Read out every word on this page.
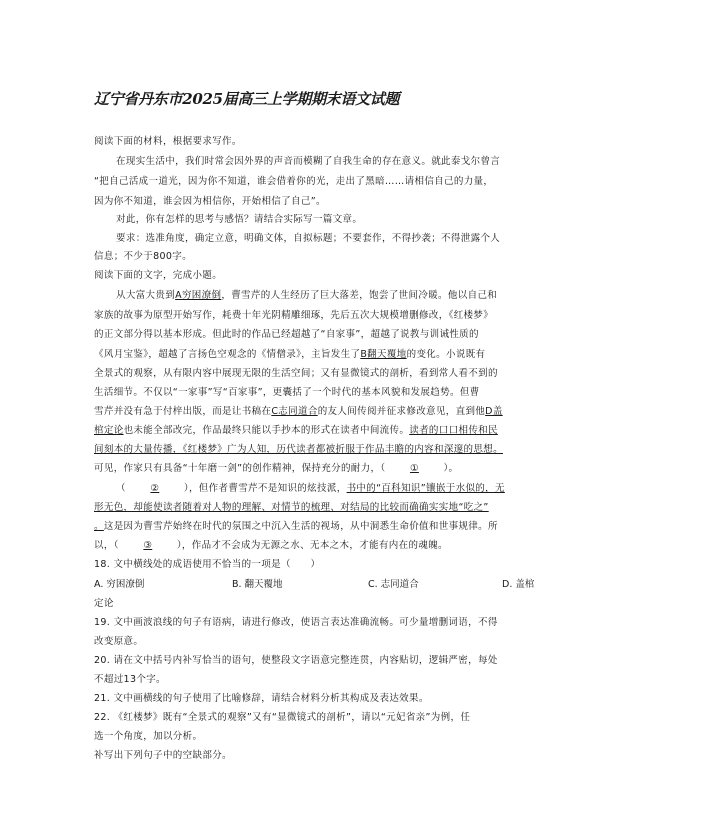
辽宁省丹东市2025届高三上学期期末语文试题
阅读下面的材料，根据要求写作。
在现实生活中，我们时常会因外界的声音而模糊了自我生命的存在意义。就此泰戈尔曾言
“把自己活成一道光，因为你不知道，谁会借着你的光，走出了黑暗……请相信自己的力量，
因为你不知道，谁会因为相信你，开始相信了自己”。
对此，你有怎样的思考与感悟？请结合实际写一篇文章。
要求：选准角度，确定立意，明确文体，自拟标题；不要套作，不得抄袭；不得泄露个人
信息；不少于800字。
阅读下面的文字，完成小题。
从大富大贵到A穷困潦倒，曹雪芹的人生经历了巨大落差，饱尝了世间冷暖。他以自己和
家族的故事为原型开始写作，耗费十年光阴精雕细琢，先后五次大规模增删修改，《红楼梦》
的正文部分得以基本形成。但此时的作品已经超越了“自家事”，超越了说教与训诫性质的
《风月宝鉴》，超越了言扬色空观念的《情僧录》，主旨发生了B翻天覆地的变化。小说既有
全景式的观察，从有限内容中展现无限的生活空间；又有显微镜式的剖析，看到常人看不到的
生活细节。不仅以“一家事”写“百家事”，更囊括了一个时代的基本风貌和发展趋势。但曹
雪芹并没有急于付梓出版，而是让书稿在C志同道合的友人间传阅并征求修改意见，直到他D盖
棺定论也未能全部改完，作品最终只能以手抄本的形式在读者中间流传。读者的口口相传和民
间刻本的大量传播，《红楼梦》广为人知，历代读者都被折服于作品丰瞻的内容和深邃的思想。
可见，作家只有具备“十年磨一剑”的创作精神，保持充分的耐力，（	①	）。
（	②	），但作者曹雪芹不是知识的炫技派，书中的“百科知识”镶嵌于水似的，无
形无色，却能使读者随着对人物的理解、对情节的梳理、对结局的比较而确确实实地“吃之”
。这是因为曹雪芹始终在时代的氛围之中沉入生活的视场，从中洞悉生命价值和世事规律。所
以，（	③	），作品才不会成为无源之水、无本之木，才能有内在的魂魄。
18. 文中横线处的成语使用不恰当的一项是（　　）
A. 穷困潦倒	B. 翻天覆地	C. 志同道合	D. 盖棺
定论
19. 文中画波浪线的句子有语病，请进行修改，使语言表达准确流畅。可少量增删词语，不得
改变原意。
20. 请在文中括号内补写恰当的语句，使整段文字语意完整连贯，内容贴切，逻辑严密，每处
不超过13个字。
21. 文中画横线的句子使用了比喻修辞，请结合材料分析其构成及表达效果。
22. 《红楼梦》既有“全景式的观察”又有“显微镜式的剖析”，请以“元妃省亲”为例，任
选一个角度，加以分析。
补写出下列句子中的空缺部分。
